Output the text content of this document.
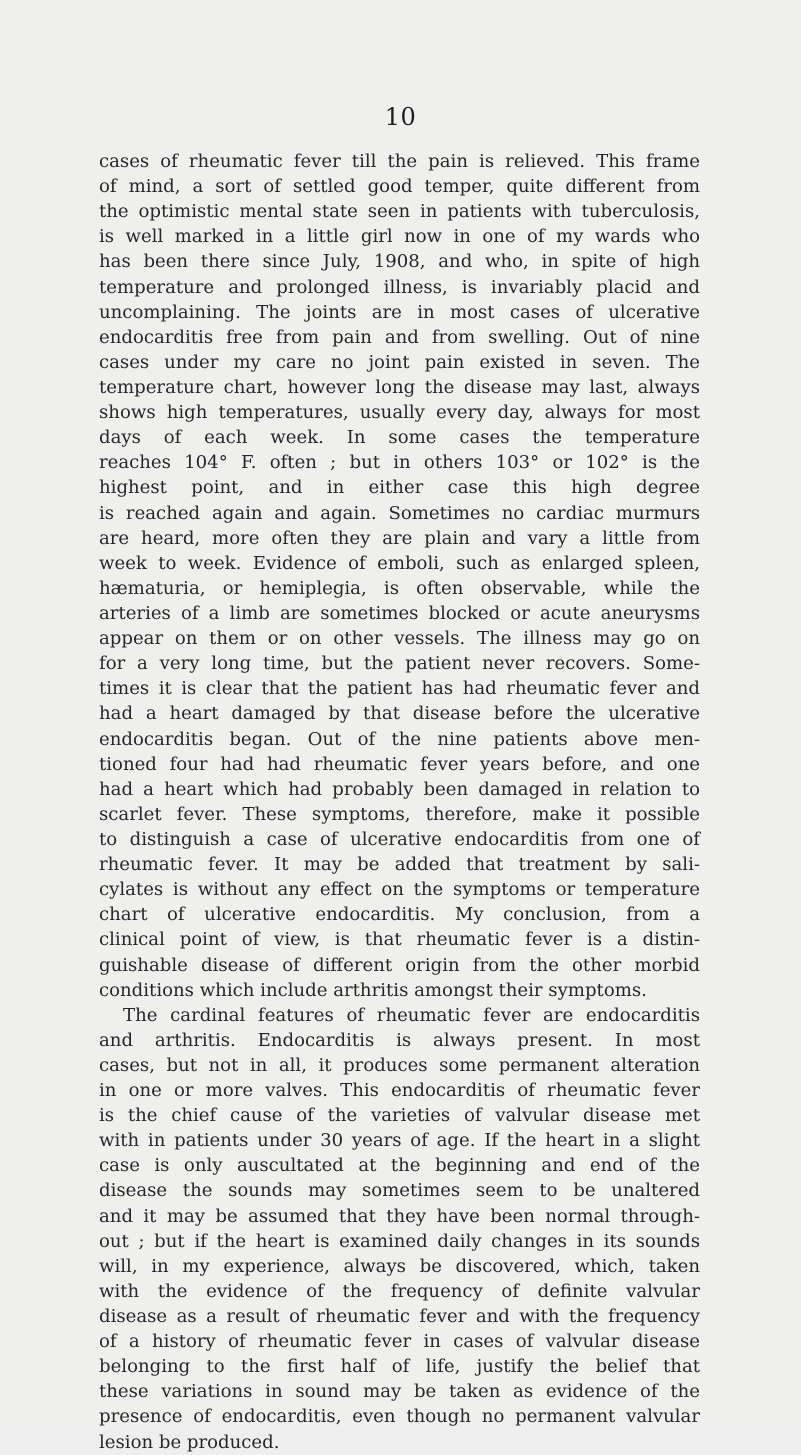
10
cases of rheumatic fever till the pain is relieved. This frame
of mind, a sort of settled good temper, quite different from
the optimistic mental state seen in patients with tuberculosis,
is well marked in a little girl now in one of my wards who
has been there since July, 1908, and who, in spite of high
temperature and prolonged illness, is invariably placid and
uncomplaining. The joints are in most cases of ulcerative
endocarditis free from pain and from swelling. Out of nine
cases under my care no joint pain existed in seven. The
temperature chart, however long the disease may last, always
shows high temperatures, usually every day, always for most
days of each week. In some cases the temperature
reaches 104° F. often ; but in others 103° or 102° is the
highest point, and in either case this high degree
is reached again and again. Sometimes no cardiac murmurs
are heard, more often they are plain and vary a little from
week to week. Evidence of emboli, such as enlarged spleen,
hæmaturia, or hemiplegia, is often observable, while the
arteries of a limb are sometimes blocked or acute aneurysms
appear on them or on other vessels. The illness may go on
for a very long time, but the patient never recovers. Some-
times it is clear that the patient has had rheumatic fever and
had a heart damaged by that disease before the ulcerative
endocarditis began. Out of the nine patients above men-
tioned four had had rheumatic fever years before, and one
had a heart which had probably been damaged in relation to
scarlet fever. These symptoms, therefore, make it possible
to distinguish a case of ulcerative endocarditis from one of
rheumatic fever. It may be added that treatment by sali-
cylates is without any effect on the symptoms or temperature
chart of ulcerative endocarditis. My conclusion, from a
clinical point of view, is that rheumatic fever is a distin-
guishable disease of different origin from the other morbid
conditions which include arthritis amongst their symptoms.
The cardinal features of rheumatic fever are endocarditis
and arthritis. Endocarditis is always present. In most
cases, but not in all, it produces some permanent alteration
in one or more valves. This endocarditis of rheumatic fever
is the chief cause of the varieties of valvular disease met
with in patients under 30 years of age. If the heart in a slight
case is only auscultated at the beginning and end of the
disease the sounds may sometimes seem to be unaltered
and it may be assumed that they have been normal through-
out ; but if the heart is examined daily changes in its sounds
will, in my experience, always be discovered, which, taken
with the evidence of the frequency of definite valvular
disease as a result of rheumatic fever and with the frequency
of a history of rheumatic fever in cases of valvular disease
belonging to the first half of life, justify the belief that
these variations in sound may be taken as evidence of the
presence of endocarditis, even though no permanent valvular
lesion be produced.
